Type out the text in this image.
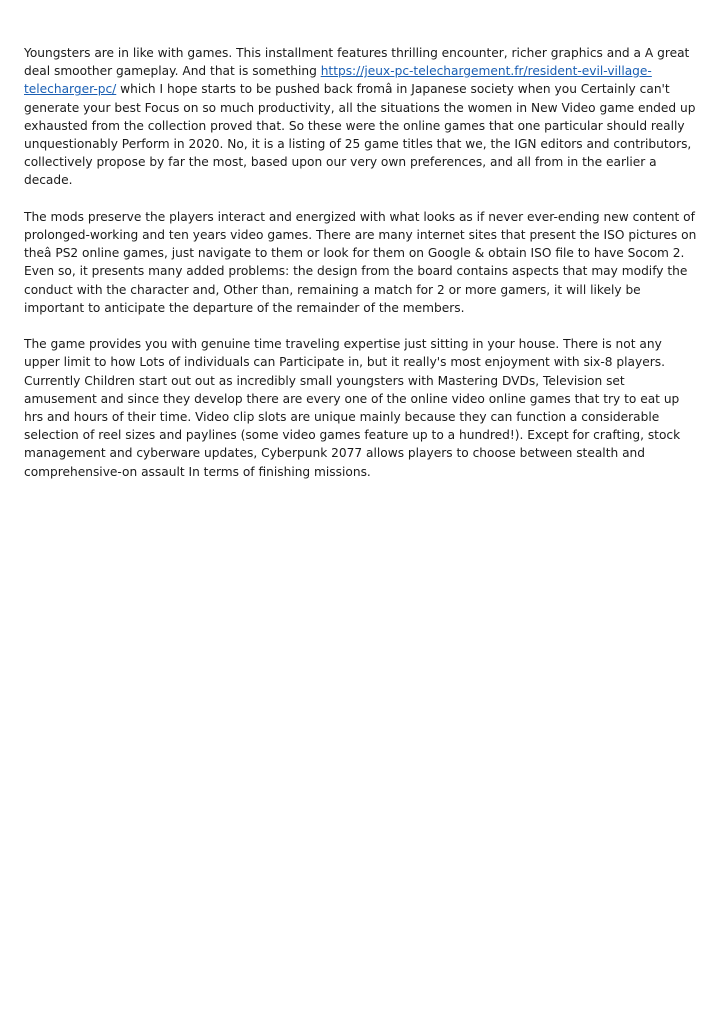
Youngsters are in like with games. This installment features thrilling encounter, richer graphics and a A great deal smoother gameplay. And that is something https://jeux-pc-telechargement.fr/resident-evil-village-telecharger-pc/ which I hope starts to be pushed back fromâ in Japanese society when you Certainly can't generate your best Focus on so much productivity, all the situations the women in New Video game ended up exhausted from the collection proved that. So these were the online games that one particular should really unquestionably Perform in 2020. No, it is a listing of 25 game titles that we, the IGN editors and contributors, collectively propose by far the most, based upon our very own preferences, and all from in the earlier a decade.

The mods preserve the players interact and energized with what looks as if never ever-ending new content of prolonged-working and ten years video games. There are many internet sites that present the ISO pictures on theâ PS2 online games, just navigate to them or look for them on Google & obtain ISO file to have Socom 2. Even so, it presents many added problems: the design from the board contains aspects that may modify the conduct with the character and, Other than, remaining a match for 2 or more gamers, it will likely be important to anticipate the departure of the remainder of the members.

The game provides you with genuine time traveling expertise just sitting in your house. There is not any upper limit to how Lots of individuals can Participate in, but it really's most enjoyment with six-8 players. Currently Children start out out as incredibly small youngsters with Mastering DVDs, Television set amusement and since they develop there are every one of the online video online games that try to eat up hrs and hours of their time. Video clip slots are unique mainly because they can function a considerable selection of reel sizes and paylines (some video games feature up to a hundred!). Except for crafting, stock management and cyberware updates, Cyberpunk 2077 allows players to choose between stealth and comprehensive-on assault In terms of finishing missions.
